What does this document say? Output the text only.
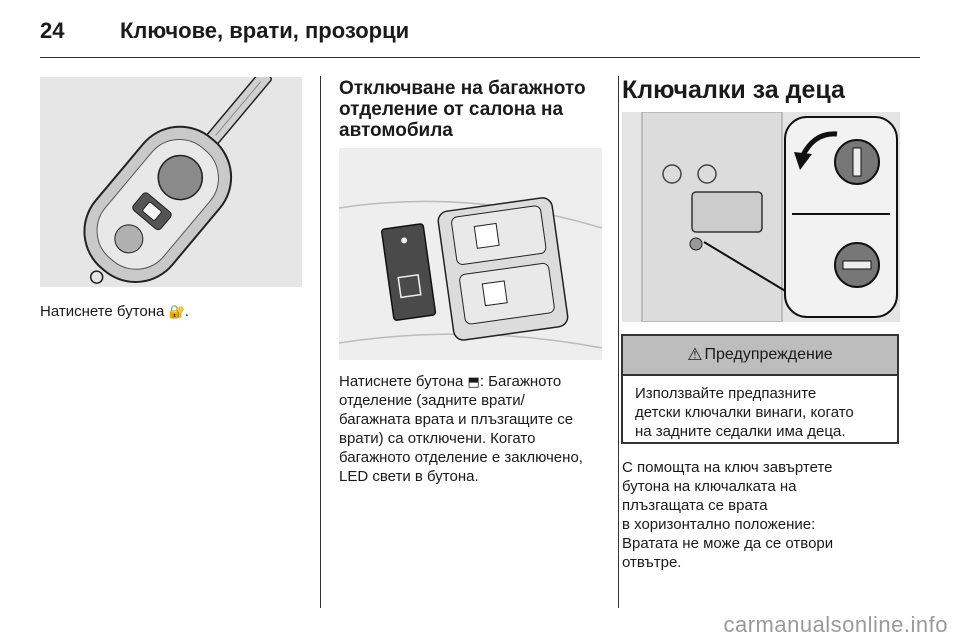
24	Ключове, врати, прозорци
Натиснете бутона 🔐.
Отключване на багажното
отделение от салона на
автомобила
Натиснете бутона ⬒: Багажното
отделение (задните врати/
багажната врата и плъзгащите се
врати) са отключени. Когато
багажното отделение е заключено,
LED свети в бутона.
Ключалки за деца
⚠ Предупреждение
Използвайте предпазните
детски ключалки винаги, когато
на задните седалки има деца.
С помощта на ключ завъртете
бутона на ключалката на
плъзгащата се врата
в хоризонтално положение:
Вратата не може да се отвори
отвътре.
carmanualsonline.info
